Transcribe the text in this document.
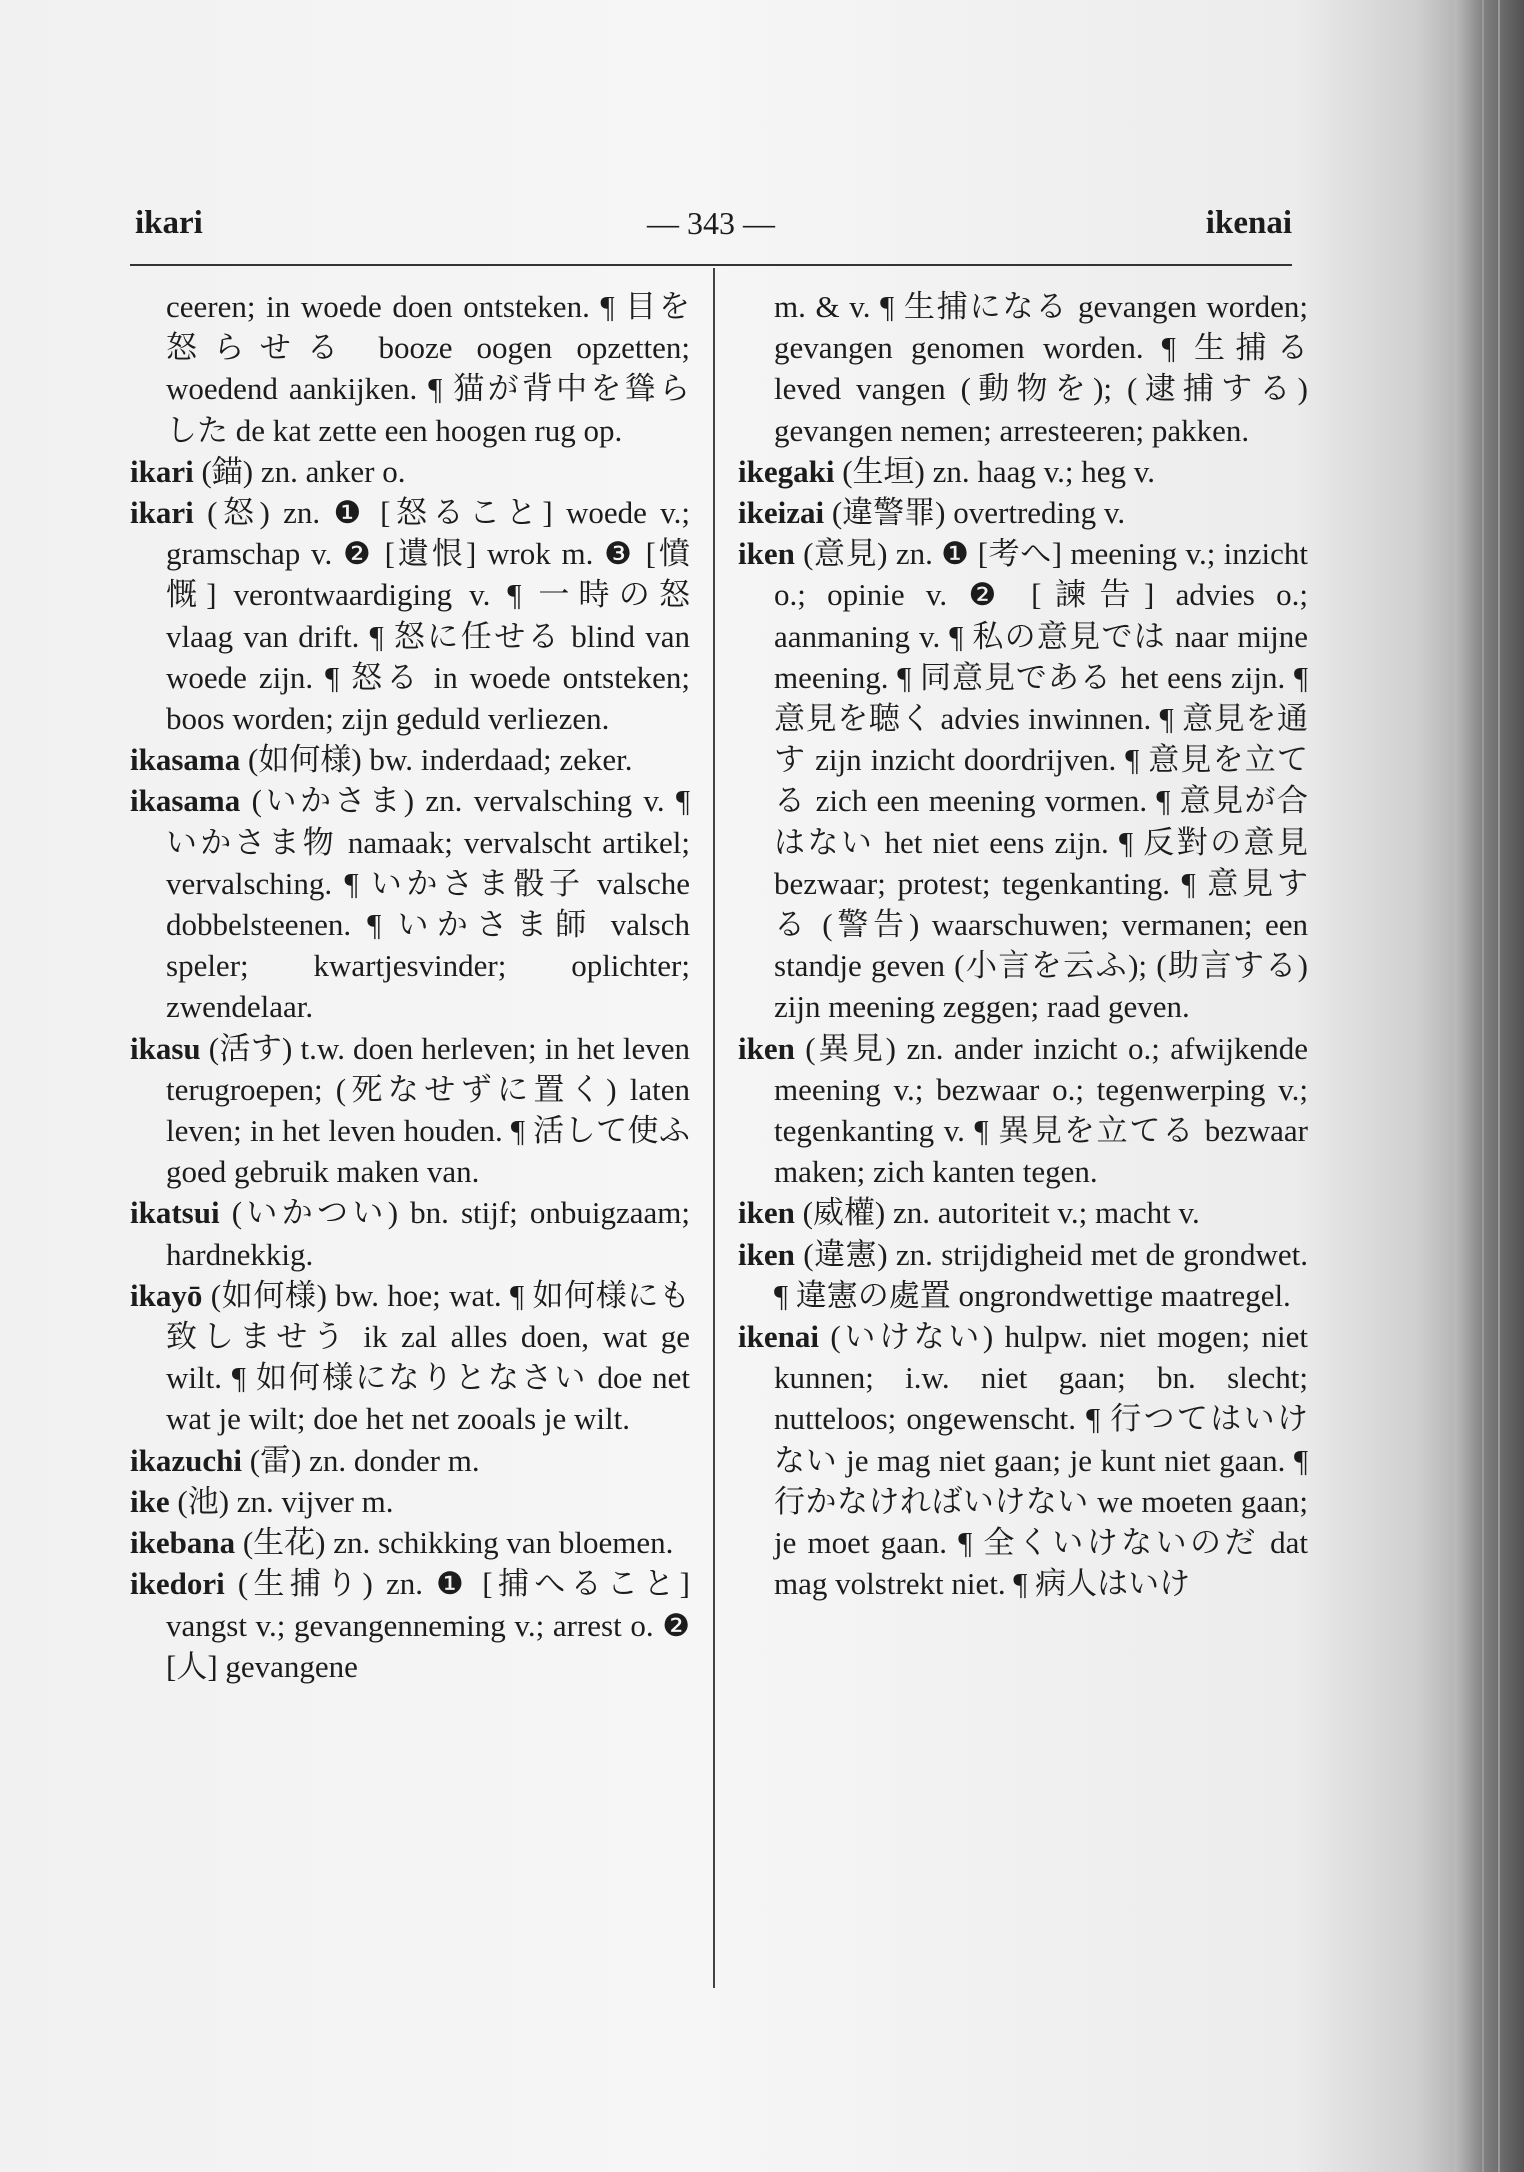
ikari	— 343 —	ikenai

ceeren; in woede doen ontsteken. ¶ 目を怒らせる booze oogen opzetten; woedend aankijken. ¶ 猫が背中を聳らした de kat zette een hoogen rug op.

ikari (錨) zn. anker o.

ikari (怒) zn. ❶ [怒ること] woede v.; gramschap v. ❷ [遺恨] wrok m. ❸ [憤慨] verontwaardiging v. ¶ 一時の怒 vlaag van drift. ¶ 怒に任せる blind van woede zijn. ¶ 怒る in woede ontsteken; boos worden; zijn geduld verliezen.

ikasama (如何様) bw. inderdaad; zeker.

ikasama (いかさま) zn. vervalsching v. ¶ いかさま物 namaak; vervalscht artikel; vervalsching. ¶ いかさま骰子 valsche dobbelsteenen. ¶ いかさま師 valsch speler; kwartjesvinder; oplichter; zwendelaar.

ikasu (活す) t.w. doen herleven; in het leven terugroepen; (死なせずに置く) laten leven; in het leven houden. ¶ 活して使ふ goed gebruik maken van.

ikatsui (いかつい) bn. stijf; onbuigzaam; hardnekkig.

ikayō (如何様) bw. hoe; wat. ¶ 如何様にも致しませう ik zal alles doen, wat ge wilt. ¶ 如何様になりとなさい doe net wat je wilt; doe het net zooals je wilt.

ikazuchi (雷) zn. donder m.

ike (池) zn. vijver m.

ikebana (生花) zn. schikking van bloemen.

ikedori (生捕り) zn. ❶ [捕へること] vangst v.; gevangenneming v.; arrest o. ❷ [人] gevangene

m. & v. ¶ 生捕になる gevangen worden; gevangen genomen worden. ¶ 生捕る leved vangen (動物を); (逮捕する) gevangen nemen; arresteeren; pakken.

ikegaki (生垣) zn. haag v.; heg v.

ikeizai (違警罪) overtreding v.

iken (意見) zn. ❶ [考へ] meening v.; inzicht o.; opinie v. ❷ [諫告] advies o.; aanmaning v. ¶ 私の意見では naar mijne meening. ¶ 同意見である het eens zijn. ¶ 意見を聴く advies inwinnen. ¶ 意見を通す zijn inzicht doordrijven. ¶ 意見を立てる zich een meening vormen. ¶ 意見が合はない het niet eens zijn. ¶ 反對の意見 bezwaar; protest; tegenkanting. ¶ 意見する (警告) waarschuwen; vermanen; een standje geven (小言を云ふ); (助言する) zijn meening zeggen; raad geven.

iken (異見) zn. ander inzicht o.; afwijkende meening v.; bezwaar o.; tegenwerping v.; tegenkanting v. ¶ 異見を立てる bezwaar maken; zich kanten tegen.

iken (威權) zn. autoriteit v.; macht v.

iken (違憲) zn. strijdigheid met de grondwet. ¶ 違憲の處置 ongrondwettige maatregel.

ikenai (いけない) hulpw. niet mogen; niet kunnen; i.w. niet gaan; bn. slecht; nutteloos; ongewenscht. ¶ 行つてはいけない je mag niet gaan; je kunt niet gaan. ¶ 行かなければいけない we moeten gaan; je moet gaan. ¶ 全くいけないのだ dat mag volstrekt niet. ¶ 病人はいけ
